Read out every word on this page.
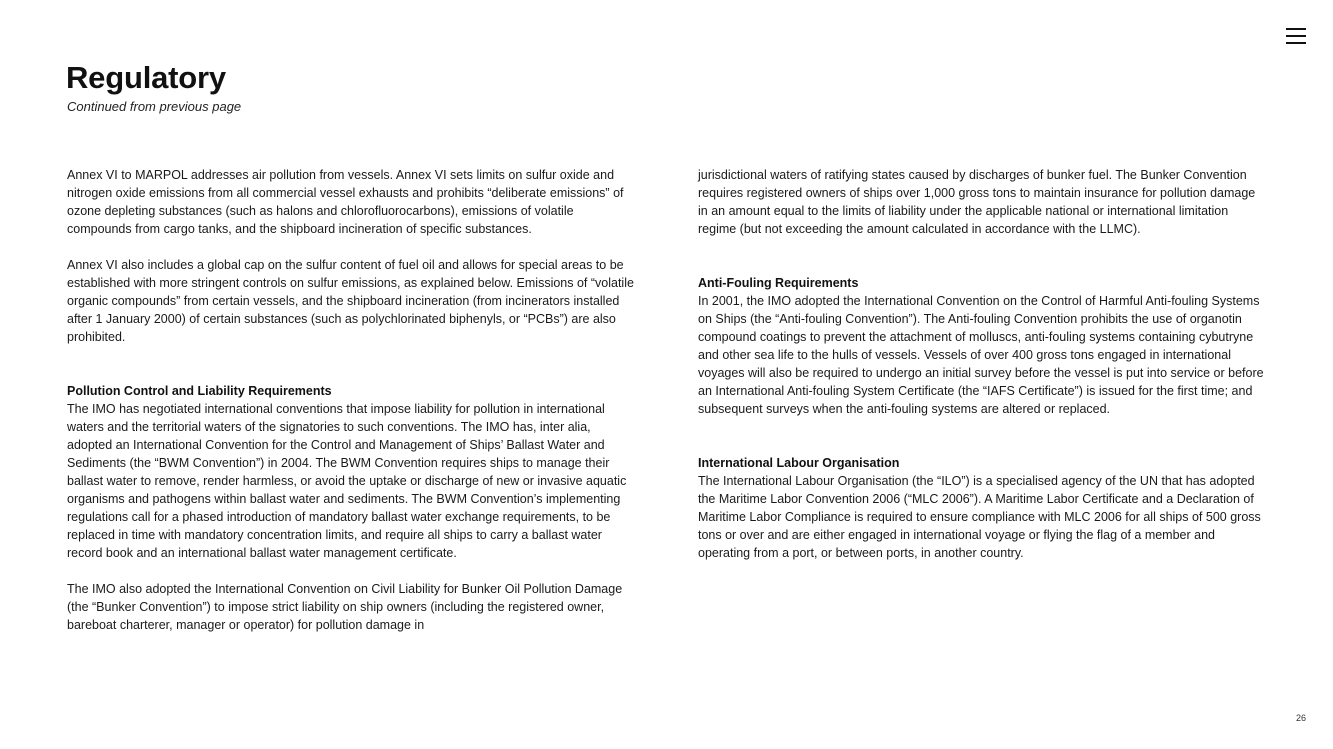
Regulatory

Continued from previous page

Annex VI to MARPOL addresses air pollution from vessels. Annex VI sets limits on sulfur oxide and nitrogen oxide emissions from all commercial vessel exhausts and prohibits “deliberate emissions” of ozone depleting substances (such as halons and chlorofluorocarbons), emissions of volatile compounds from cargo tanks, and the shipboard incineration of specific substances.

Annex VI also includes a global cap on the sulfur content of fuel oil and allows for special areas to be established with more stringent controls on sulfur emissions, as explained below. Emissions of “volatile organic compounds” from certain vessels, and the shipboard incineration (from incinerators installed after 1 January 2000) of certain substances (such as polychlorinated biphenyls, or “PCBs”) are also prohibited.

Pollution Control and Liability Requirements

The IMO has negotiated international conventions that impose liability for pollution in international waters and the territorial waters of the signatories to such conventions. The IMO has, inter alia, adopted an International Convention for the Control and Management of Ships’ Ballast Water and Sediments (the “BWM Convention”) in 2004. The BWM Convention requires ships to manage their ballast water to remove, render harmless, or avoid the uptake or discharge of new or invasive aquatic organisms and pathogens within ballast water and sediments. The BWM Convention’s implementing regulations call for a phased introduction of mandatory ballast water exchange requirements, to be replaced in time with mandatory concentration limits, and require all ships to carry a ballast water record book and an international ballast water management certificate.

The IMO also adopted the International Convention on Civil Liability for Bunker Oil Pollution Damage (the “Bunker Convention”) to impose strict liability on ship owners (including the registered owner, bareboat charterer, manager or operator) for pollution damage in

jurisdictional waters of ratifying states caused by discharges of bunker fuel. The Bunker Convention requires registered owners of ships over 1,000 gross tons to maintain insurance for pollution damage in an amount equal to the limits of liability under the applicable national or international limitation regime (but not exceeding the amount calculated in accordance with the LLMC).

Anti-Fouling Requirements

In 2001, the IMO adopted the International Convention on the Control of Harmful Anti-fouling Systems on Ships (the “Anti-fouling Convention”). The Anti-fouling Convention prohibits the use of organotin compound coatings to prevent the attachment of molluscs, anti-fouling systems containing cybutryne and other sea life to the hulls of vessels. Vessels of over 400 gross tons engaged in international voyages will also be required to undergo an initial survey before the vessel is put into service or before an International Anti-fouling System Certificate (the “IAFS Certificate”) is issued for the first time; and subsequent surveys when the anti-fouling systems are altered or replaced.

International Labour Organisation

The International Labour Organisation (the “ILO”) is a specialised agency of the UN that has adopted the Maritime Labor Convention 2006 (“MLC 2006”). A Maritime Labor Certificate and a Declaration of Maritime Labor Compliance is required to ensure compliance with MLC 2006 for all ships of 500 gross tons or over and are either engaged in international voyage or flying the flag of a member and operating from a port, or between ports, in another country.

26
